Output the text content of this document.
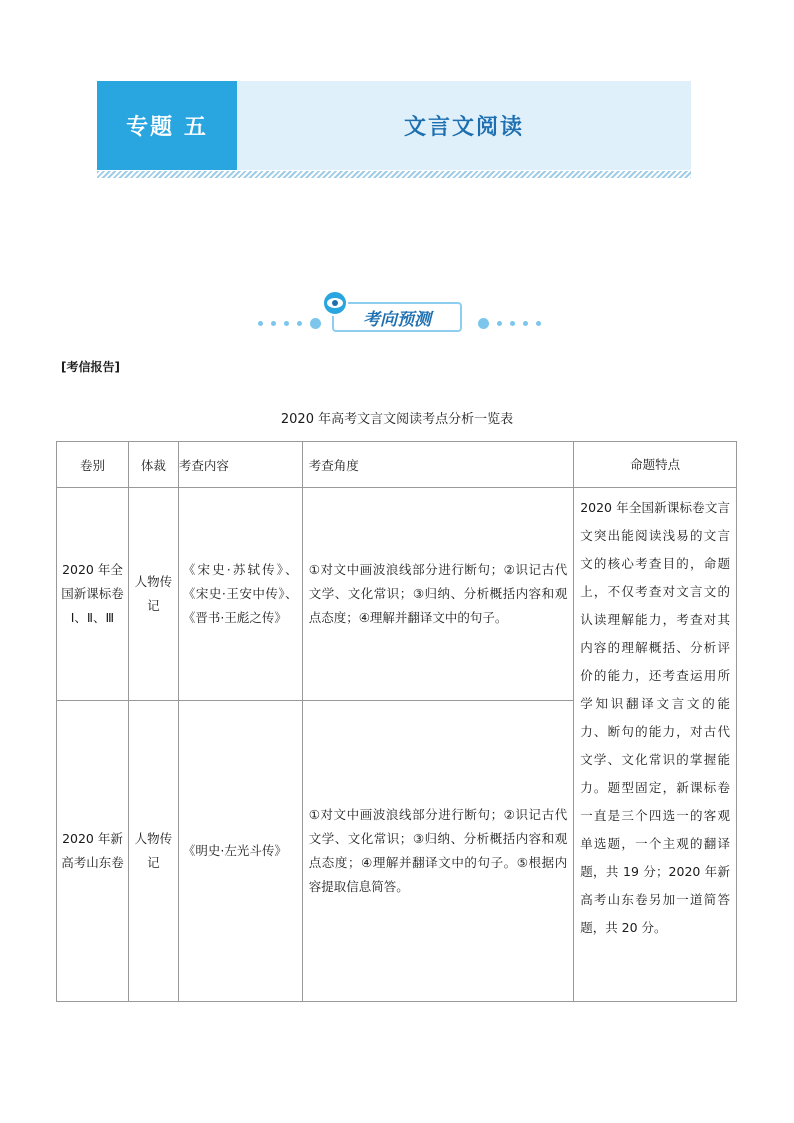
专题 五	文言文阅读
考向预测
[考信报告]
2020 年高考文言文阅读考点分析一览表
卷别	体裁	考查内容	考查角度	命题特点
2020 年全国新课标卷Ⅰ、Ⅱ、Ⅲ	人物传记	《宋史·苏轼传》、《宋史·王安中传》、《晋书·王彪之传》	①对文中画波浪线部分进行断句；②识记古代文学、文化常识；③归纳、分析概括内容和观点态度；④理解并翻译文中的句子。	2020 年全国新课标卷文言文突出能阅读浅易的文言文的核心考查目的，命题上，不仅考查对文言文的认读理解能力，考查对其内容的理解概括、分析评价的能力，还考查运用所学知识翻译文言文的能力、断句的能力，对古代文学、文化常识的掌握能力。题型固定，新课标卷一直是三个四选一的客观单选题，一个主观的翻译题，共 19 分；2020 年新高考山东卷另加一道简答题，共 20 分。
2020 年新高考山东卷	人物传记	《明史·左光斗传》	①对文中画波浪线部分进行断句；②识记古代文学、文化常识；③归纳、分析概括内容和观点态度；④理解并翻译文中的句子。⑤根据内容提取信息简答。	
